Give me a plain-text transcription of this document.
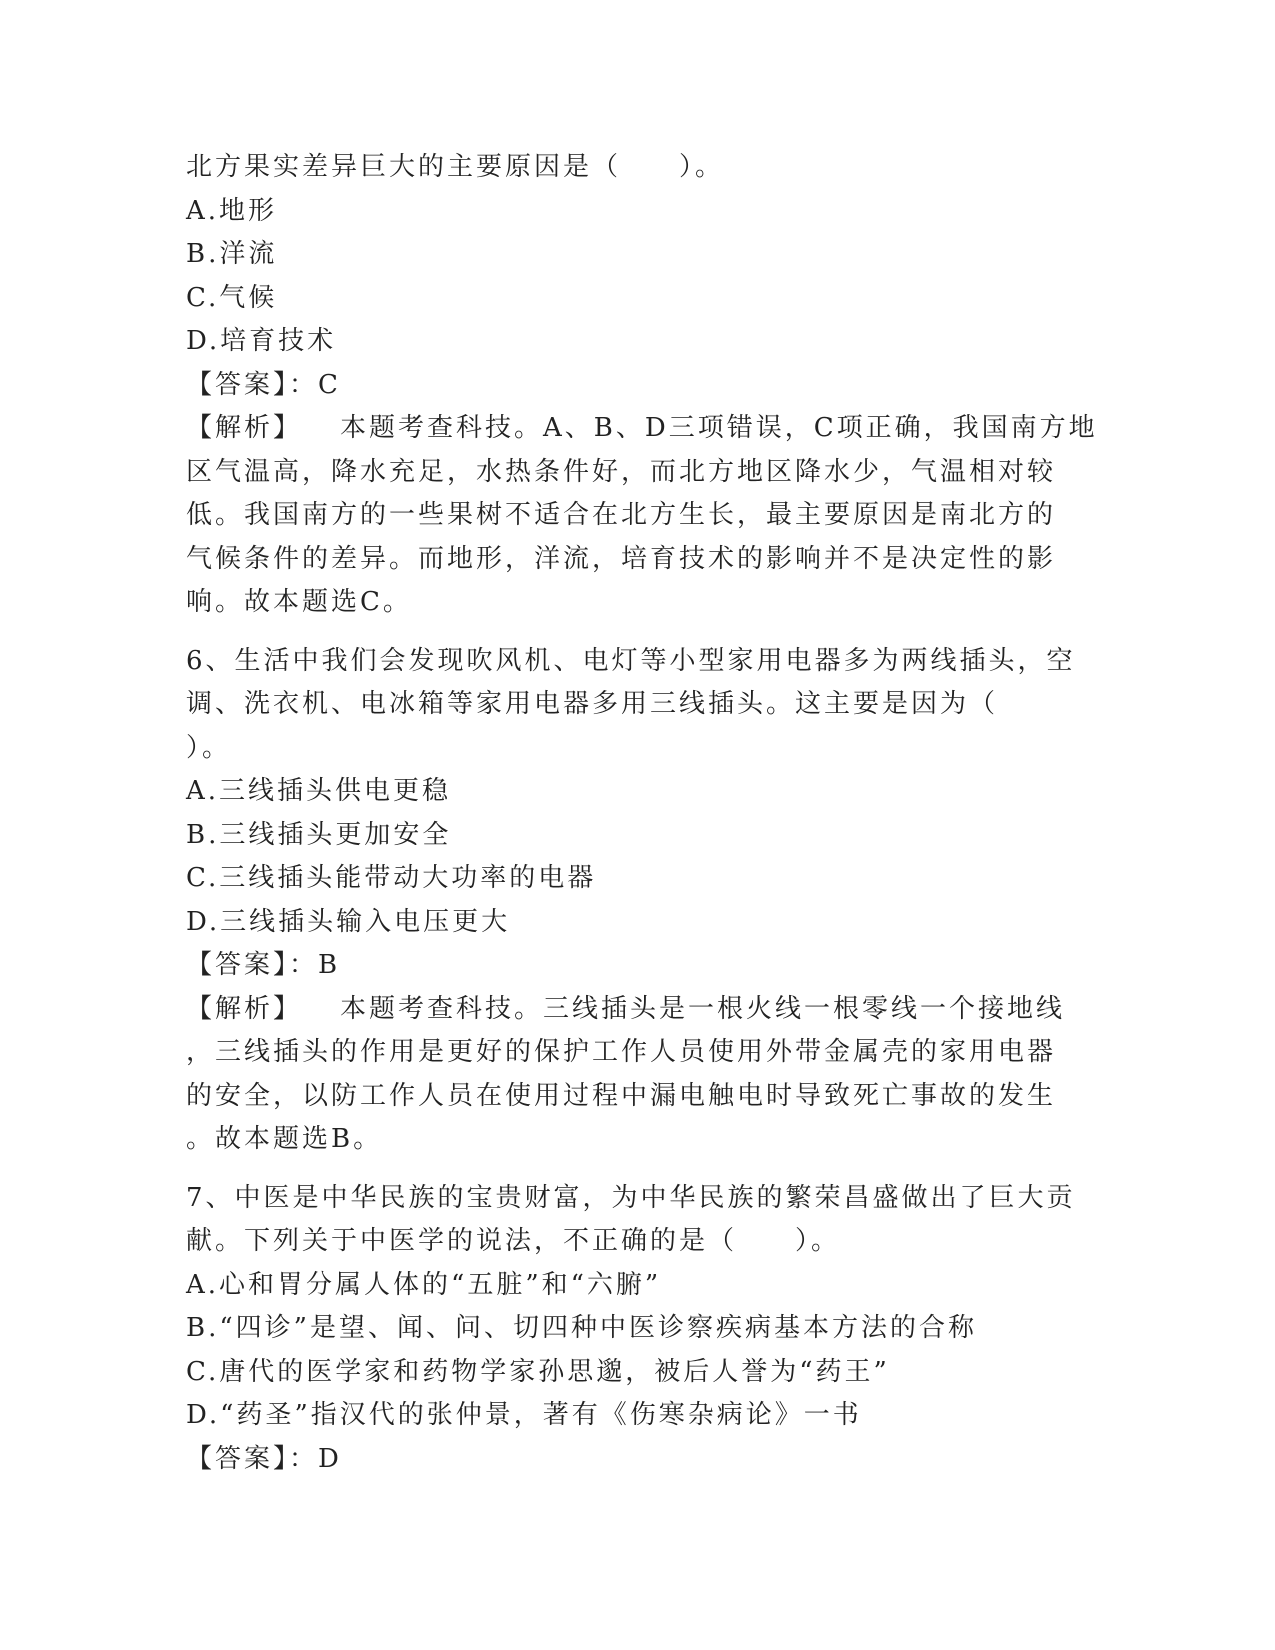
北方果实差异巨大的主要原因是（　　）。
A.地形
B.洋流
C.气候
D.培育技术
【答案】：C
【解析】 本题考查科技。A、B、D三项错误，C项正确，我国南方地
区气温高，降水充足，水热条件好，而北方地区降水少，气温相对较
低。我国南方的一些果树不适合在北方生长，最主要原因是南北方的
气候条件的差异。而地形，洋流，培育技术的影响并不是决定性的影
响。故本题选C。
6、生活中我们会发现吹风机、电灯等小型家用电器多为两线插头，空
调、洗衣机、电冰箱等家用电器多用三线插头。这主要是因为（
）。
A.三线插头供电更稳
B.三线插头更加安全
C.三线插头能带动大功率的电器
D.三线插头输入电压更大
【答案】：B
【解析】 本题考查科技。三线插头是一根火线一根零线一个接地线
，三线插头的作用是更好的保护工作人员使用外带金属壳的家用电器
的安全，以防工作人员在使用过程中漏电触电时导致死亡事故的发生
。故本题选B。
7、中医是中华民族的宝贵财富，为中华民族的繁荣昌盛做出了巨大贡
献。下列关于中医学的说法，不正确的是（　　）。
A.心和胃分属人体的“五脏”和“六腑”
B.“四诊”是望、闻、问、切四种中医诊察疾病基本方法的合称
C.唐代的医学家和药物学家孙思邈，被后人誉为“药王”
D.“药圣”指汉代的张仲景，著有《伤寒杂病论》一书
【答案】：D
